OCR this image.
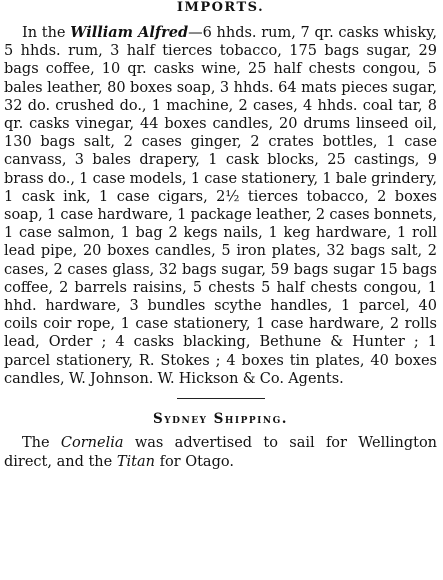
IMPORTS.
In the William Alfred—6 hhds. rum, 7 qr. casks whisky, 5 hhds. rum, 3 half tierces tobacco, 175 bags sugar, 29 bags coffee, 10 qr. casks wine, 25 half chests congou, 5 bales leather, 80 boxes soap, 3 hhds. 64 mats pieces sugar, 32 do. crushed do., 1 machine, 2 cases, 4 hhds. coal tar, 8 qr. casks vinegar, 44 boxes candles, 20 drums linseed oil, 130 bags salt, 2 cases ginger, 2 crates bottles, 1 case canvass, 3 bales drapery, 1 cask blocks, 25 castings, 9 brass do., 1 case models, 1 case stationery, 1 bale grindery, 1 cask ink, 1 case cigars, 2½ tierces tobacco, 2 boxes soap, 1 case hardware, 1 package leather, 2 cases bonnets, 1 case salmon, 1 bag 2 kegs nails, 1 keg hardware, 1 roll lead pipe, 20 boxes candles, 5 iron plates, 32 bags salt, 2 cases, 2 cases glass, 32 bags sugar, 59 bags sugar 15 bags coffee, 2 barrels raisins, 5 chests 5 half chests congou, 1 hhd. hardware, 3 bundles scythe handles, 1 parcel, 40 coils coir rope, 1 case stationery, 1 case hardware, 2 rolls lead, Order ; 4 casks blacking, Bethune & Hunter ; 1 parcel stationery, R. Stokes ; 4 boxes tin plates, 40 boxes candles, W. Johnson. W. Hickson & Co. Agents.
Sydney Shipping.
The Cornelia was advertised to sail for Wellington direct, and the Titan for Otago.
